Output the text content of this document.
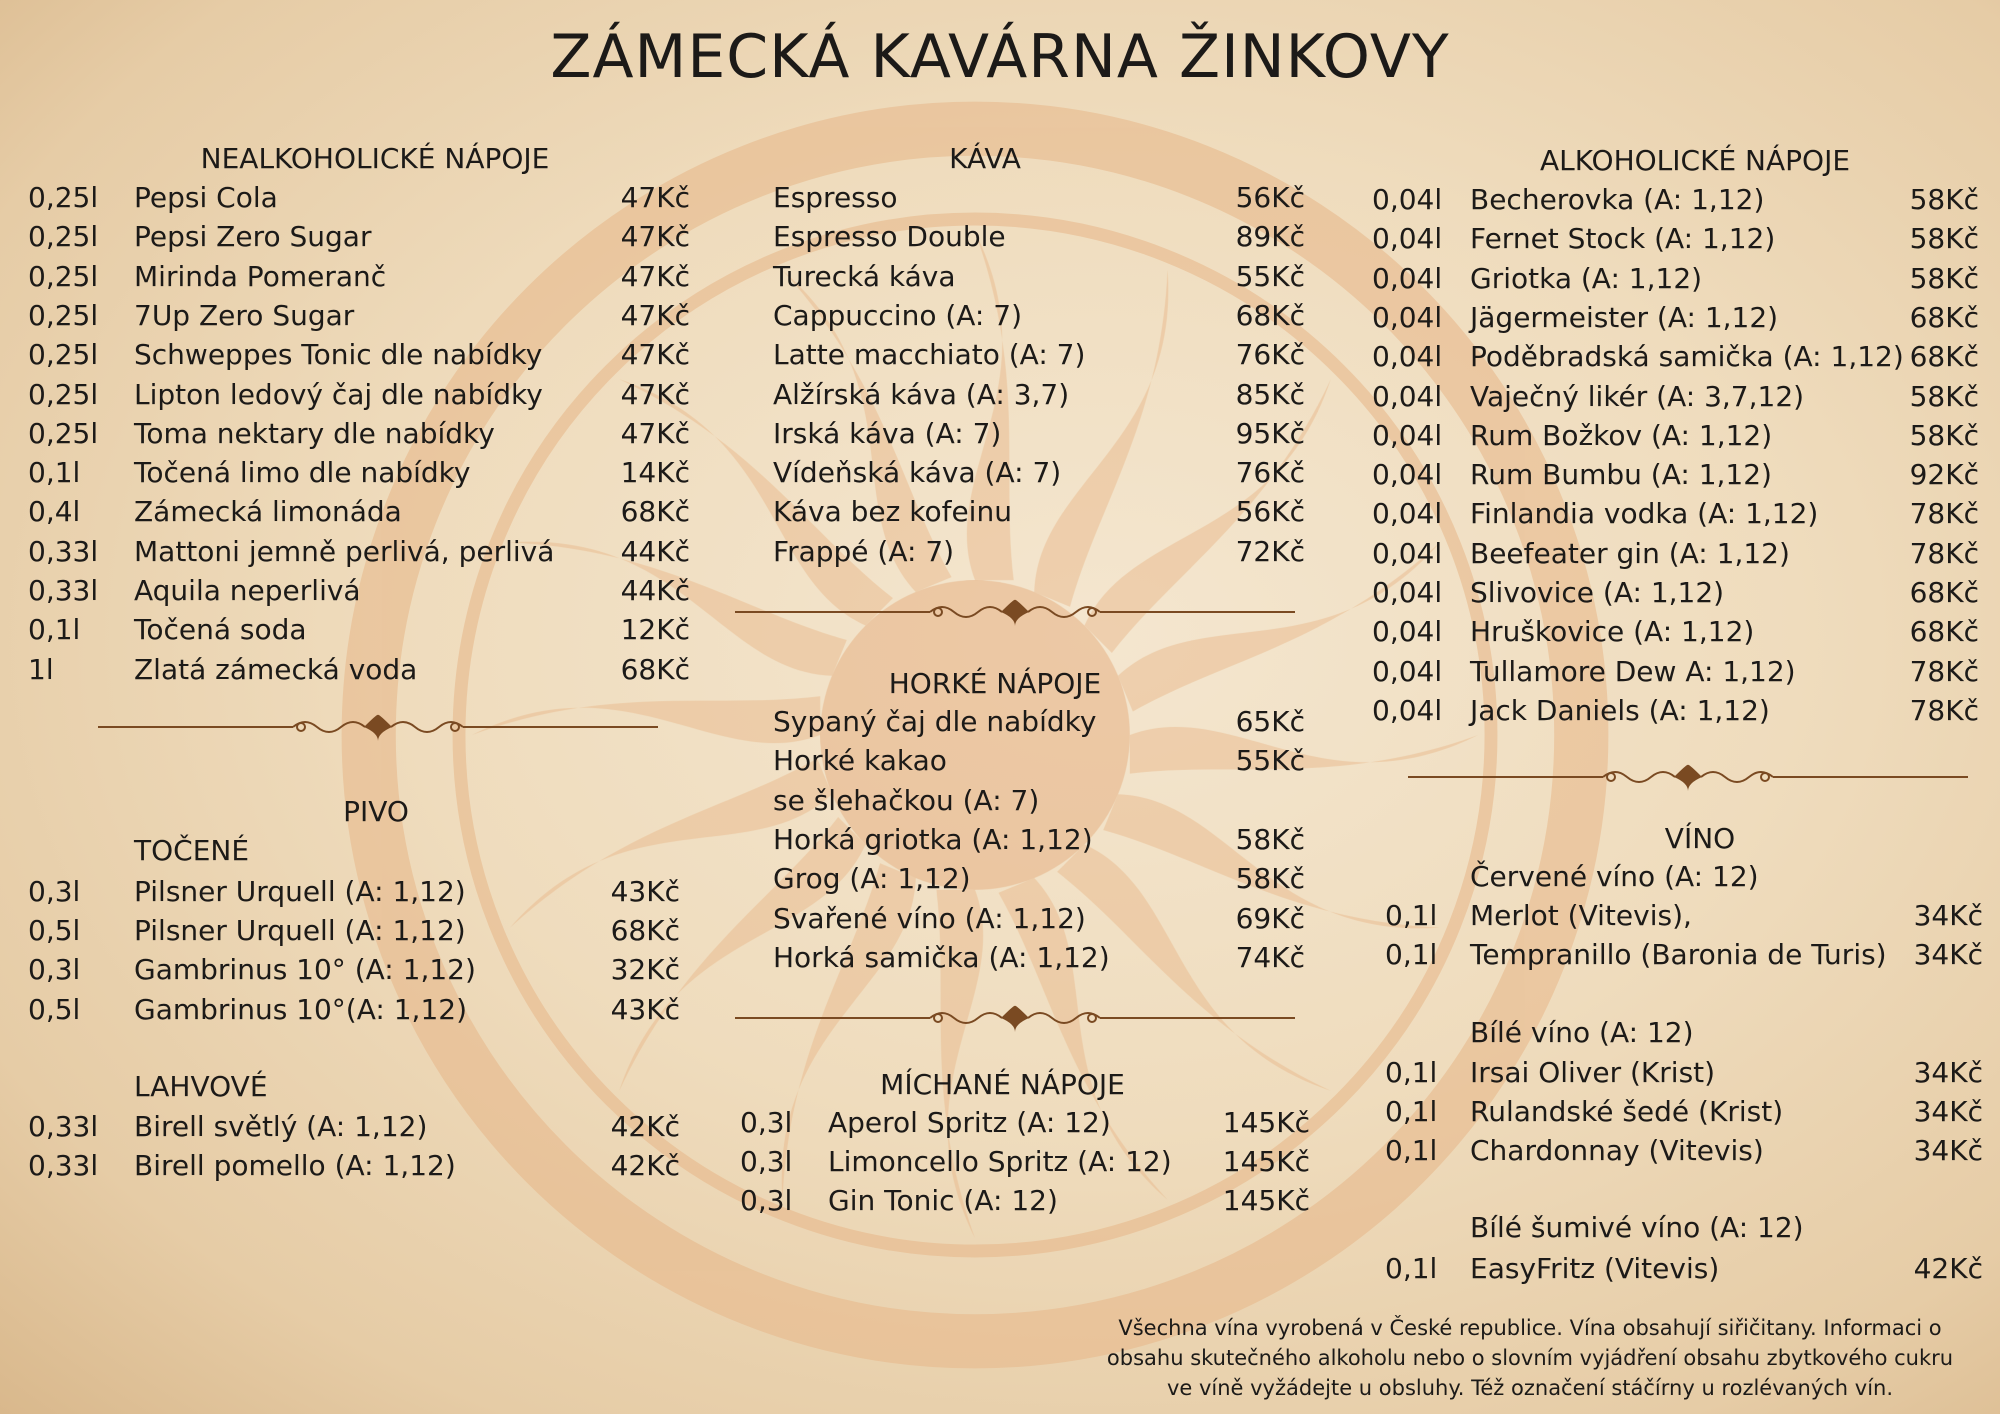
ZÁMECKÁ KAVÁRNA ŽINKOVY
NEALKOHOLICKÉ NÁPOJE
0,25l Pepsi Cola	47Kč
0,25l Pepsi Zero Sugar	47Kč
0,25l Mirinda Pomeranč	47Kč
0,25l 7Up Zero Sugar	47Kč
0,25l Schweppes Tonic dle nabídky	47Kč
0,25l Lipton ledový čaj dle nabídky	47Kč
0,25l Toma nektary dle nabídky	47Kč
0,1l Točená limo dle nabídky	14Kč
0,4l Zámecká limonáda	68Kč
0,33l Mattoni jemně perlivá, perlivá 44Kč
0,33l Aquila neperlivá	44Kč
0,1l Točená soda	12Kč
1l	Zlatá zámecká voda	68Kč
PIVO
TOČENÉ
0,3l Pilsner Urquell (A: 1,12)	43Kč
0,5l Pilsner Urquell (A: 1,12)	68Kč
0,3l Gambrinus 10° (A: 1,12)	32Kč
0,5l Gambrinus 10°(A: 1,12)	43Kč
LAHVOVÉ
0,33l Birell světlý (A: 1,12)	42Kč
0,33l Birell pomello (A: 1,12)	42Kč
KÁVA
Espresso	56Kč
Espresso Double	89Kč
Turecká káva	55Kč
Cappuccino (A: 7)	68Kč
Latte macchiato (A: 7)	76Kč
Alžírská káva (A: 3,7)	85Kč
Irská káva (A: 7)	95Kč
Vídeňská káva (A: 7)	76Kč
Káva bez kofeinu	56Kč
Frappé (A: 7)	72Kč
HORKÉ NÁPOJE
Sypaný čaj dle nabídky	65Kč
Horké kakao	55Kč
se šlehačkou (A: 7)
Horká griotka (A: 1,12)	58Kč
Grog (A: 1,12)	58Kč
Svařené víno (A: 1,12)	69Kč
Horká samička (A: 1,12)	74Kč
MÍCHANÉ NÁPOJE
0,3l Aperol Spritz (A: 12)	145Kč
0,3l Limoncello Spritz (A: 12) 145Kč
0,3l Gin Tonic (A: 12)	145Kč
ALKOHOLICKÉ NÁPOJE
0,04l Becherovka (A: 1,12)	58Kč
0,04l Fernet Stock (A: 1,12)	58Kč
0,04l Griotka (A: 1,12)	58Kč
0,04l Jägermeister (A: 1,12)	68Kč
0,04l Poděbradská samička (A: 1,12) 68Kč
0,04l Vaječný likér (A: 3,7,12)	58Kč
0,04l Rum Božkov (A: 1,12)	58Kč
0,04l Rum Bumbu (A: 1,12)	92Kč
0,04l Finlandia vodka (A: 1,12)	78Kč
0,04l Beefeater gin (A: 1,12)	78Kč
0,04l Slivovice (A: 1,12)	68Kč
0,04l Hruškovice (A: 1,12)	68Kč
0,04l Tullamore Dew A: 1,12)	78Kč
0,04l Jack Daniels (A: 1,12)	78Kč
VÍNO
Červené víno (A: 12)
0,1l Merlot (Vitevis),	34Kč
0,1l Tempranillo (Baronia de Turis) 34Kč
Bílé víno (A: 12)
0,1l Irsai Oliver (Krist)	34Kč
0,1l Rulandské šedé (Krist)	34Kč
0,1l Chardonnay (Vitevis)	34Kč
Bílé šumivé víno (A: 12)
0,1l EasyFritz (Vitevis)	42Kč
Všechna vína vyrobená v České republice. Vína obsahují siřičitany. Informaci o
obsahu skutečného alkoholu nebo o slovním vyjádření obsahu zbytkového cukru
ve víně vyžádejte u obsluhy. Též označení stáčírny u rozlévaných vín.
